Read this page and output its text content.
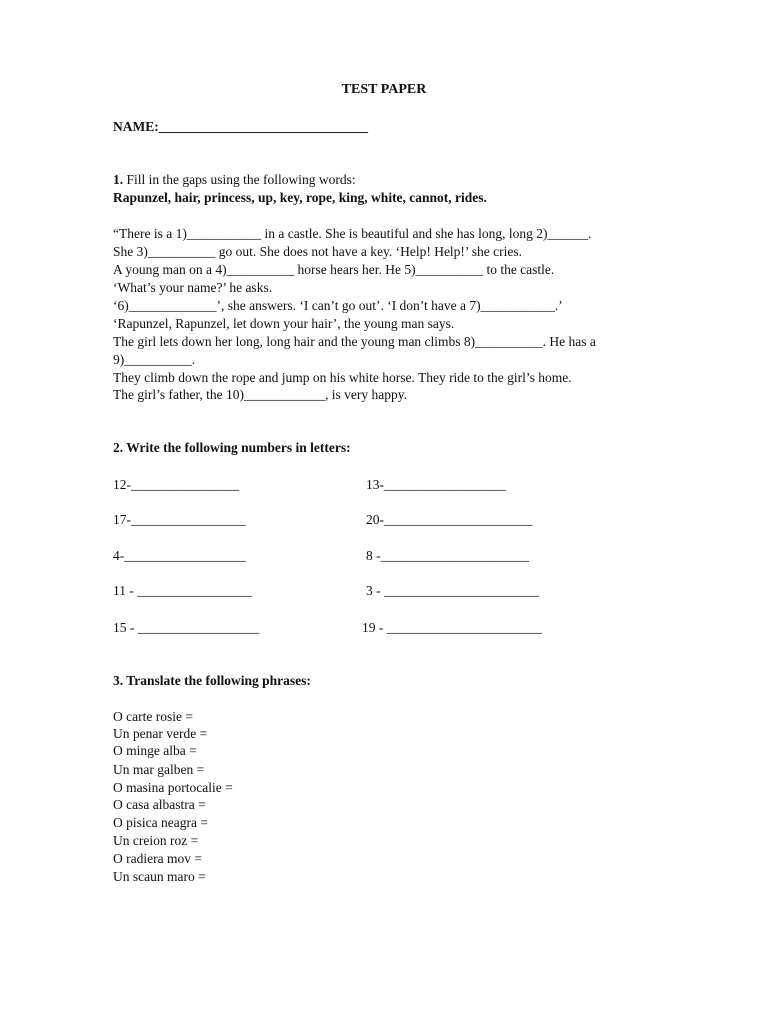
TEST PAPER
NAME:_______________________________
1. Fill in the gaps using the following words:
Rapunzel, hair, princess, up, key, rope, king, white, cannot, rides.
“There is a 1)___________ in a castle. She is beautiful and she has long, long 2)______.
She 3)__________ go out. She does not have a key. ‘Help! Help!’ she cries.
A young man on a 4)__________ horse hears her. He 5)__________ to the castle.
‘What’s your name?’ he asks.
‘6)_____________’, she answers. ‘I can’t go out’. ‘I don’t have a 7)___________.’
‘Rapunzel, Rapunzel, let down your hair’, the young man says.
The girl lets down her long, long hair and the young man climbs 8)__________. He has a
9)__________.
They climb down the rope and jump on his white horse. They ride to the girl’s home.
The girl’s father, the 10)____________, is very happy.
2. Write the following numbers in letters:
12-________________	13-__________________
17-_________________	20-______________________
4-__________________	8 -______________________
11 - _________________	3 - _______________________
15 - __________________	19 - _______________________
3. Translate the following phrases:
O carte rosie =
Un penar verde =
O minge alba =
Un mar galben =
O masina portocalie =
O casa albastra =
O pisica neagra =
Un creion roz =
O radiera mov =
Un scaun maro =
